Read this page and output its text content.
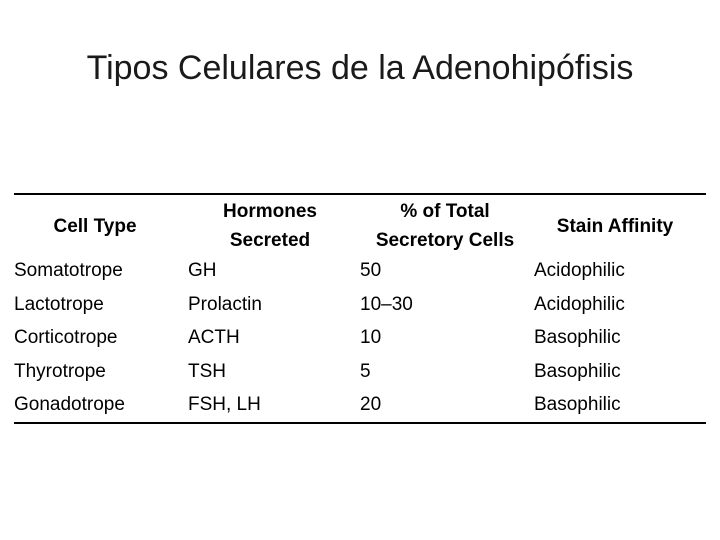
Tipos Celulares de la Adenohipófisis
Cell Type
Hormones
Secreted
% of Total
Secretory Cells
Stain Affinity
Somatotrope
Lactotrope
Corticotrope
Thyrotrope
Gonadotrope
GH
Prolactin
ACTH
TSH
FSH, LH
50
10–30
10
5
20
Acidophilic
Acidophilic
Basophilic
Basophilic
Basophilic
